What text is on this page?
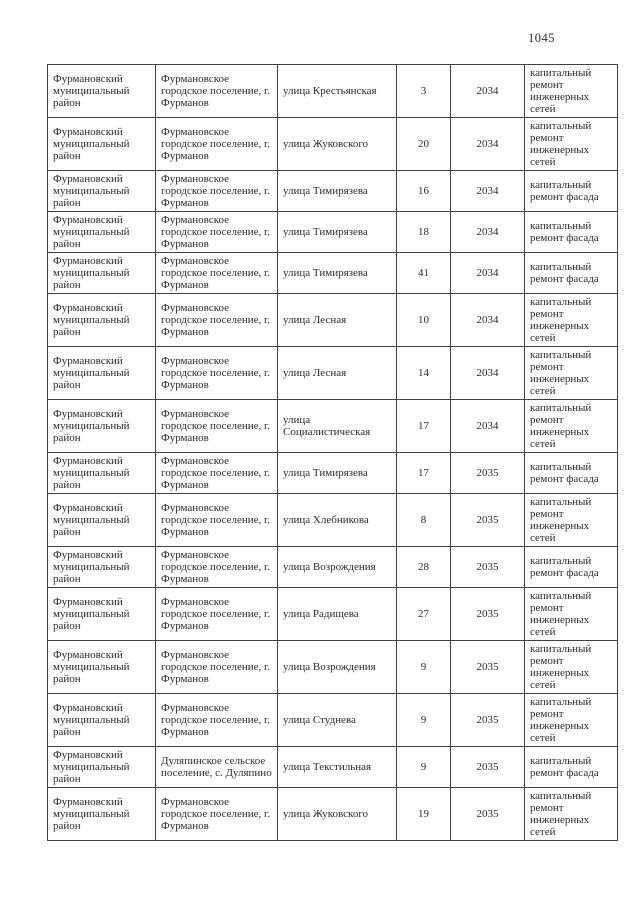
1045
Фурмановский муниципальный район	Фурмановское городское поселение, г. Фурманов	улица Крестьянская	3	2034	капитальный ремонт инженерных сетей
Фурмановский муниципальный район	Фурмановское городское поселение, г. Фурманов	улица Жуковского	20	2034	капитальный ремонт инженерных сетей
Фурмановский муниципальный район	Фурмановское городское поселение, г. Фурманов	улица Тимирязева	16	2034	капитальный ремонт фасада
Фурмановский муниципальный район	Фурмановское городское поселение, г. Фурманов	улица Тимирязева	18	2034	капитальный ремонт фасада
Фурмановский муниципальный район	Фурмановское городское поселение, г. Фурманов	улица Тимирязева	41	2034	капитальный ремонт фасада
Фурмановский муниципальный район	Фурмановское городское поселение, г. Фурманов	улица Лесная	10	2034	капитальный ремонт инженерных сетей
Фурмановский муниципальный район	Фурмановское городское поселение, г. Фурманов	улица Лесная	14	2034	капитальный ремонт инженерных сетей
Фурмановский муниципальный район	Фурмановское городское поселение, г. Фурманов	улица Социалистическая	17	2034	капитальный ремонт инженерных сетей
Фурмановский муниципальный район	Фурмановское городское поселение, г. Фурманов	улица Тимирязева	17	2035	капитальный ремонт фасада
Фурмановский муниципальный район	Фурмановское городское поселение, г. Фурманов	улица Хлебникова	8	2035	капитальный ремонт инженерных сетей
Фурмановский муниципальный район	Фурмановское городское поселение, г. Фурманов	улица Возрождения	28	2035	капитальный ремонт фасада
Фурмановский муниципальный район	Фурмановское городское поселение, г. Фурманов	улица Радищева	27	2035	капитальный ремонт инженерных сетей
Фурмановский муниципальный район	Фурмановское городское поселение, г. Фурманов	улица Возрождения	9	2035	капитальный ремонт инженерных сетей
Фурмановский муниципальный район	Фурмановское городское поселение, г. Фурманов	улица Студнева	9	2035	капитальный ремонт инженерных сетей
Фурмановский муниципальный район	Дуляпинское сельское поселение, с. Дуляпино	улица Текстильная	9	2035	капитальный ремонт фасада
Фурмановский муниципальный район	Фурмановское городское поселение, г. Фурманов	улица Жуковского	19	2035	капитальный ремонт инженерных сетей
